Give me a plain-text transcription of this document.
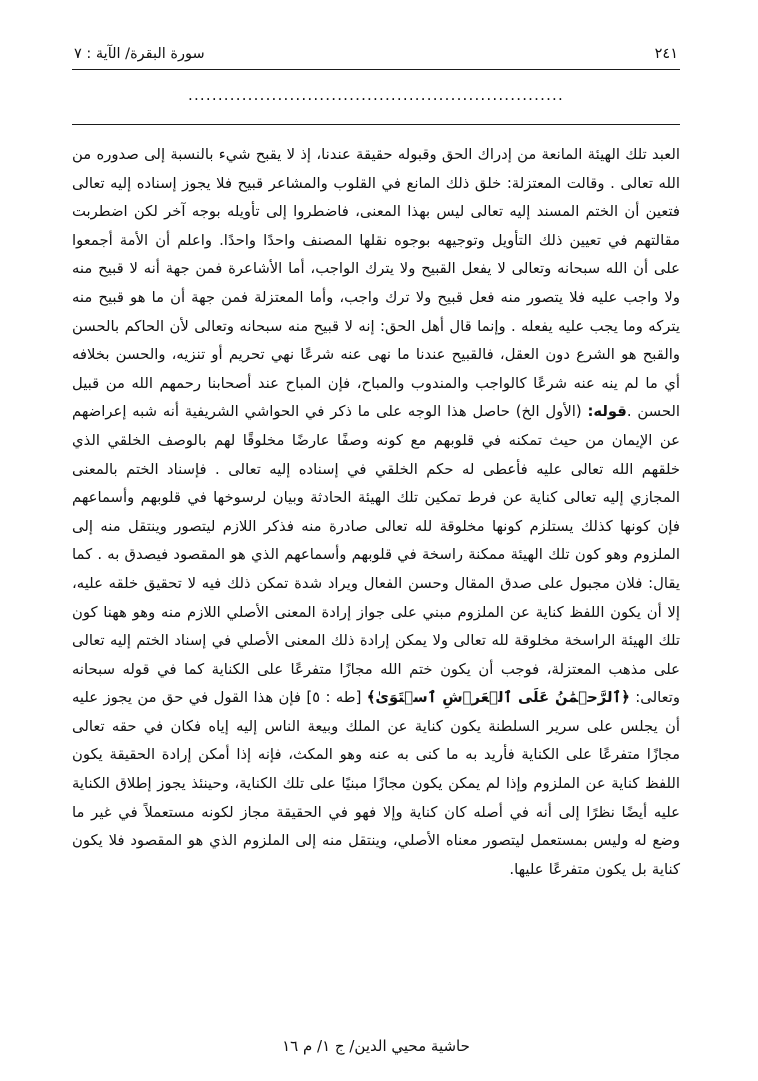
٢٤١
سورة البقرة/ الآية : ٧
...............................................................

العبد تلك الهيئة المانعة من إدراك الحق وقبوله حقيقة عندنا، إذ لا يقبح شيء بالنسبة إلى صدوره من الله تعالى . وقالت المعتزلة: خلق ذلك المانع في القلوب والمشاعر قبيح فلا يجوز إسناده إليه تعالى فتعين أن الختم المسند إليه تعالى ليس بهذا المعنى، فاضطروا إلى تأويله بوجه آخر لكن اضطربت مقالتهم في تعيين ذلك التأويل وتوجيهه بوجوه نقلها المصنف واحدًا واحدًا. واعلم أن الأمة أجمعوا على أن الله سبحانه وتعالى لا يفعل القبيح ولا يترك الواجب، أما الأشاعرة فمن جهة أنه لا قبيح منه ولا واجب عليه فلا يتصور منه فعل قبيح ولا ترك واجب، وأما المعتزلة فمن جهة أن ما هو قبيح منه يتركه وما يجب عليه يفعله . وإنما قال أهل الحق: إنه لا قبيح منه سبحانه وتعالى لأن الحاكم بالحسن والقبح هو الشرع دون العقل، فالقبيح عندنا ما نهى عنه شرعًا نهي تحريم أو تنزيه، والحسن بخلافه أي ما لم ينه عنه شرعًا كالواجب والمندوب والمباح، فإن المباح عند أصحابنا رحمهم الله من قبيل الحسن .قوله: (الأول الخ) حاصل هذا الوجه على ما ذكر في الحواشي الشريفية أنه شبه إعراضهم عن الإيمان من حيث تمكنه في قلوبهم مع كونه وصفًا عارضًا مخلوقًا لهم بالوصف الخلقي الذي خلقهم الله تعالى عليه فأعطى له حكم الخلقي في إسناده إليه تعالى . فإسناد الختم بالمعنى المجازي إليه تعالى كناية عن فرط تمكين تلك الهيئة الحادثة وبيان لرسوخها في قلوبهم وأسماعهم فإن كونها كذلك يستلزم كونها مخلوقة لله تعالى صادرة منه فذكر اللازم ليتصور وينتقل منه إلى الملزوم وهو كون تلك الهيئة ممكنة راسخة في قلوبهم وأسماعهم الذي هو المقصود فيصدق به . كما يقال: فلان مجبول على صدق المقال وحسن الفعال ويراد شدة تمكن ذلك فيه لا تحقيق خلقه عليه، إلا أن يكون اللفظ كناية عن الملزوم مبني على جواز إرادة المعنى الأصلي اللازم منه وهو ههنا كون تلك الهيئة الراسخة مخلوقة لله تعالى ولا يمكن إرادة ذلك المعنى الأصلي في إسناد الختم إليه تعالى على مذهب المعتزلة، فوجب أن يكون ختم الله مجازًا متفرعًا على الكناية كما في قوله سبحانه وتعالى: ﴿ٱلرَّحۡمَٰنُ عَلَى ٱلۡعَرۡشِ ٱسۡتَوَىٰ﴾ [طه : ٥] فإن هذا القول في حق من يجوز عليه أن يجلس على سرير السلطنة يكون كناية عن الملك وبيعة الناس إليه إياه فكان في حقه تعالى مجازًا متفرعًا على الكناية فأريد به ما كنى به عنه وهو المكث، فإنه إذا أمكن إرادة الحقيقة يكون اللفظ كناية عن الملزوم وإذا لم يمكن يكون مجازًا مبنيًا على تلك الكناية، وحينئذ يجوز إطلاق الكناية عليه أيضًا نظرًا إلى أنه في أصله كان كناية وإلا فهو في الحقيقة مجاز لكونه مستعملاً في غير ما وضع له وليس بمستعمل ليتصور معناه الأصلي، وينتقل منه إلى الملزوم الذي هو المقصود فلا يكون كناية بل يكون متفرعًا عليها.

حاشية محيي الدين/ ج ١/ م ١٦
